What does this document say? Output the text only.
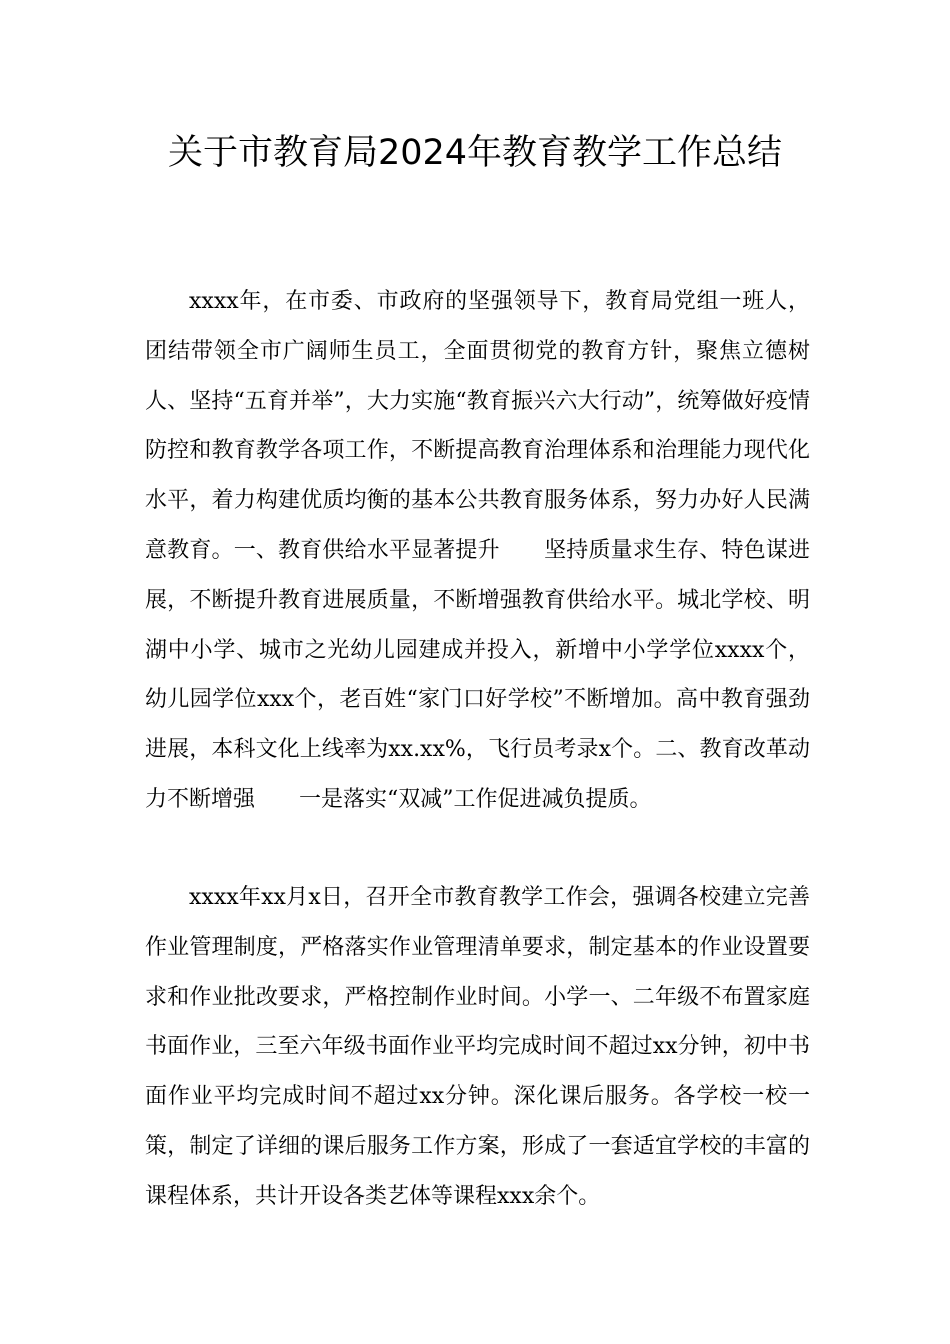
关于市教育局2024年教育教学工作总结

xxxx年，在市委、市政府的坚强领导下，教育局党组一班人，团结带领全市广阔师生员工，全面贯彻党的教育方针，聚焦立德树人、坚持“五育并举”，大力实施“教育振兴六大行动”，统筹做好疫情防控和教育教学各项工作，不断提高教育治理体系和治理能力现代化水平，着力构建优质均衡的基本公共教育服务体系，努力办好人民满意教育。一、教育供给水平显著提升　　坚持质量求生存、特色谋进展，不断提升教育进展质量，不断增强教育供给水平。城北学校、明湖中小学、城市之光幼儿园建成并投入，新增中小学学位xxxx个，幼儿园学位xxx个，老百姓“家门口好学校”不断增加。高中教育强劲进展，本科文化上线率为xx.xx%，飞行员考录x个。二、教育改革动力不断增强　　一是落实“双减”工作促进减负提质。

xxxx年xx月x日，召开全市教育教学工作会，强调各校建立完善作业管理制度，严格落实作业管理清单要求，制定基本的作业设置要求和作业批改要求，严格控制作业时间。小学一、二年级不布置家庭书面作业，三至六年级书面作业平均完成时间不超过xx分钟，初中书面作业平均完成时间不超过xx分钟。深化课后服务。各学校一校一策，制定了详细的课后服务工作方案，形成了一套适宜学校的丰富的课程体系，共计开设各类艺体等课程xxx余个。
